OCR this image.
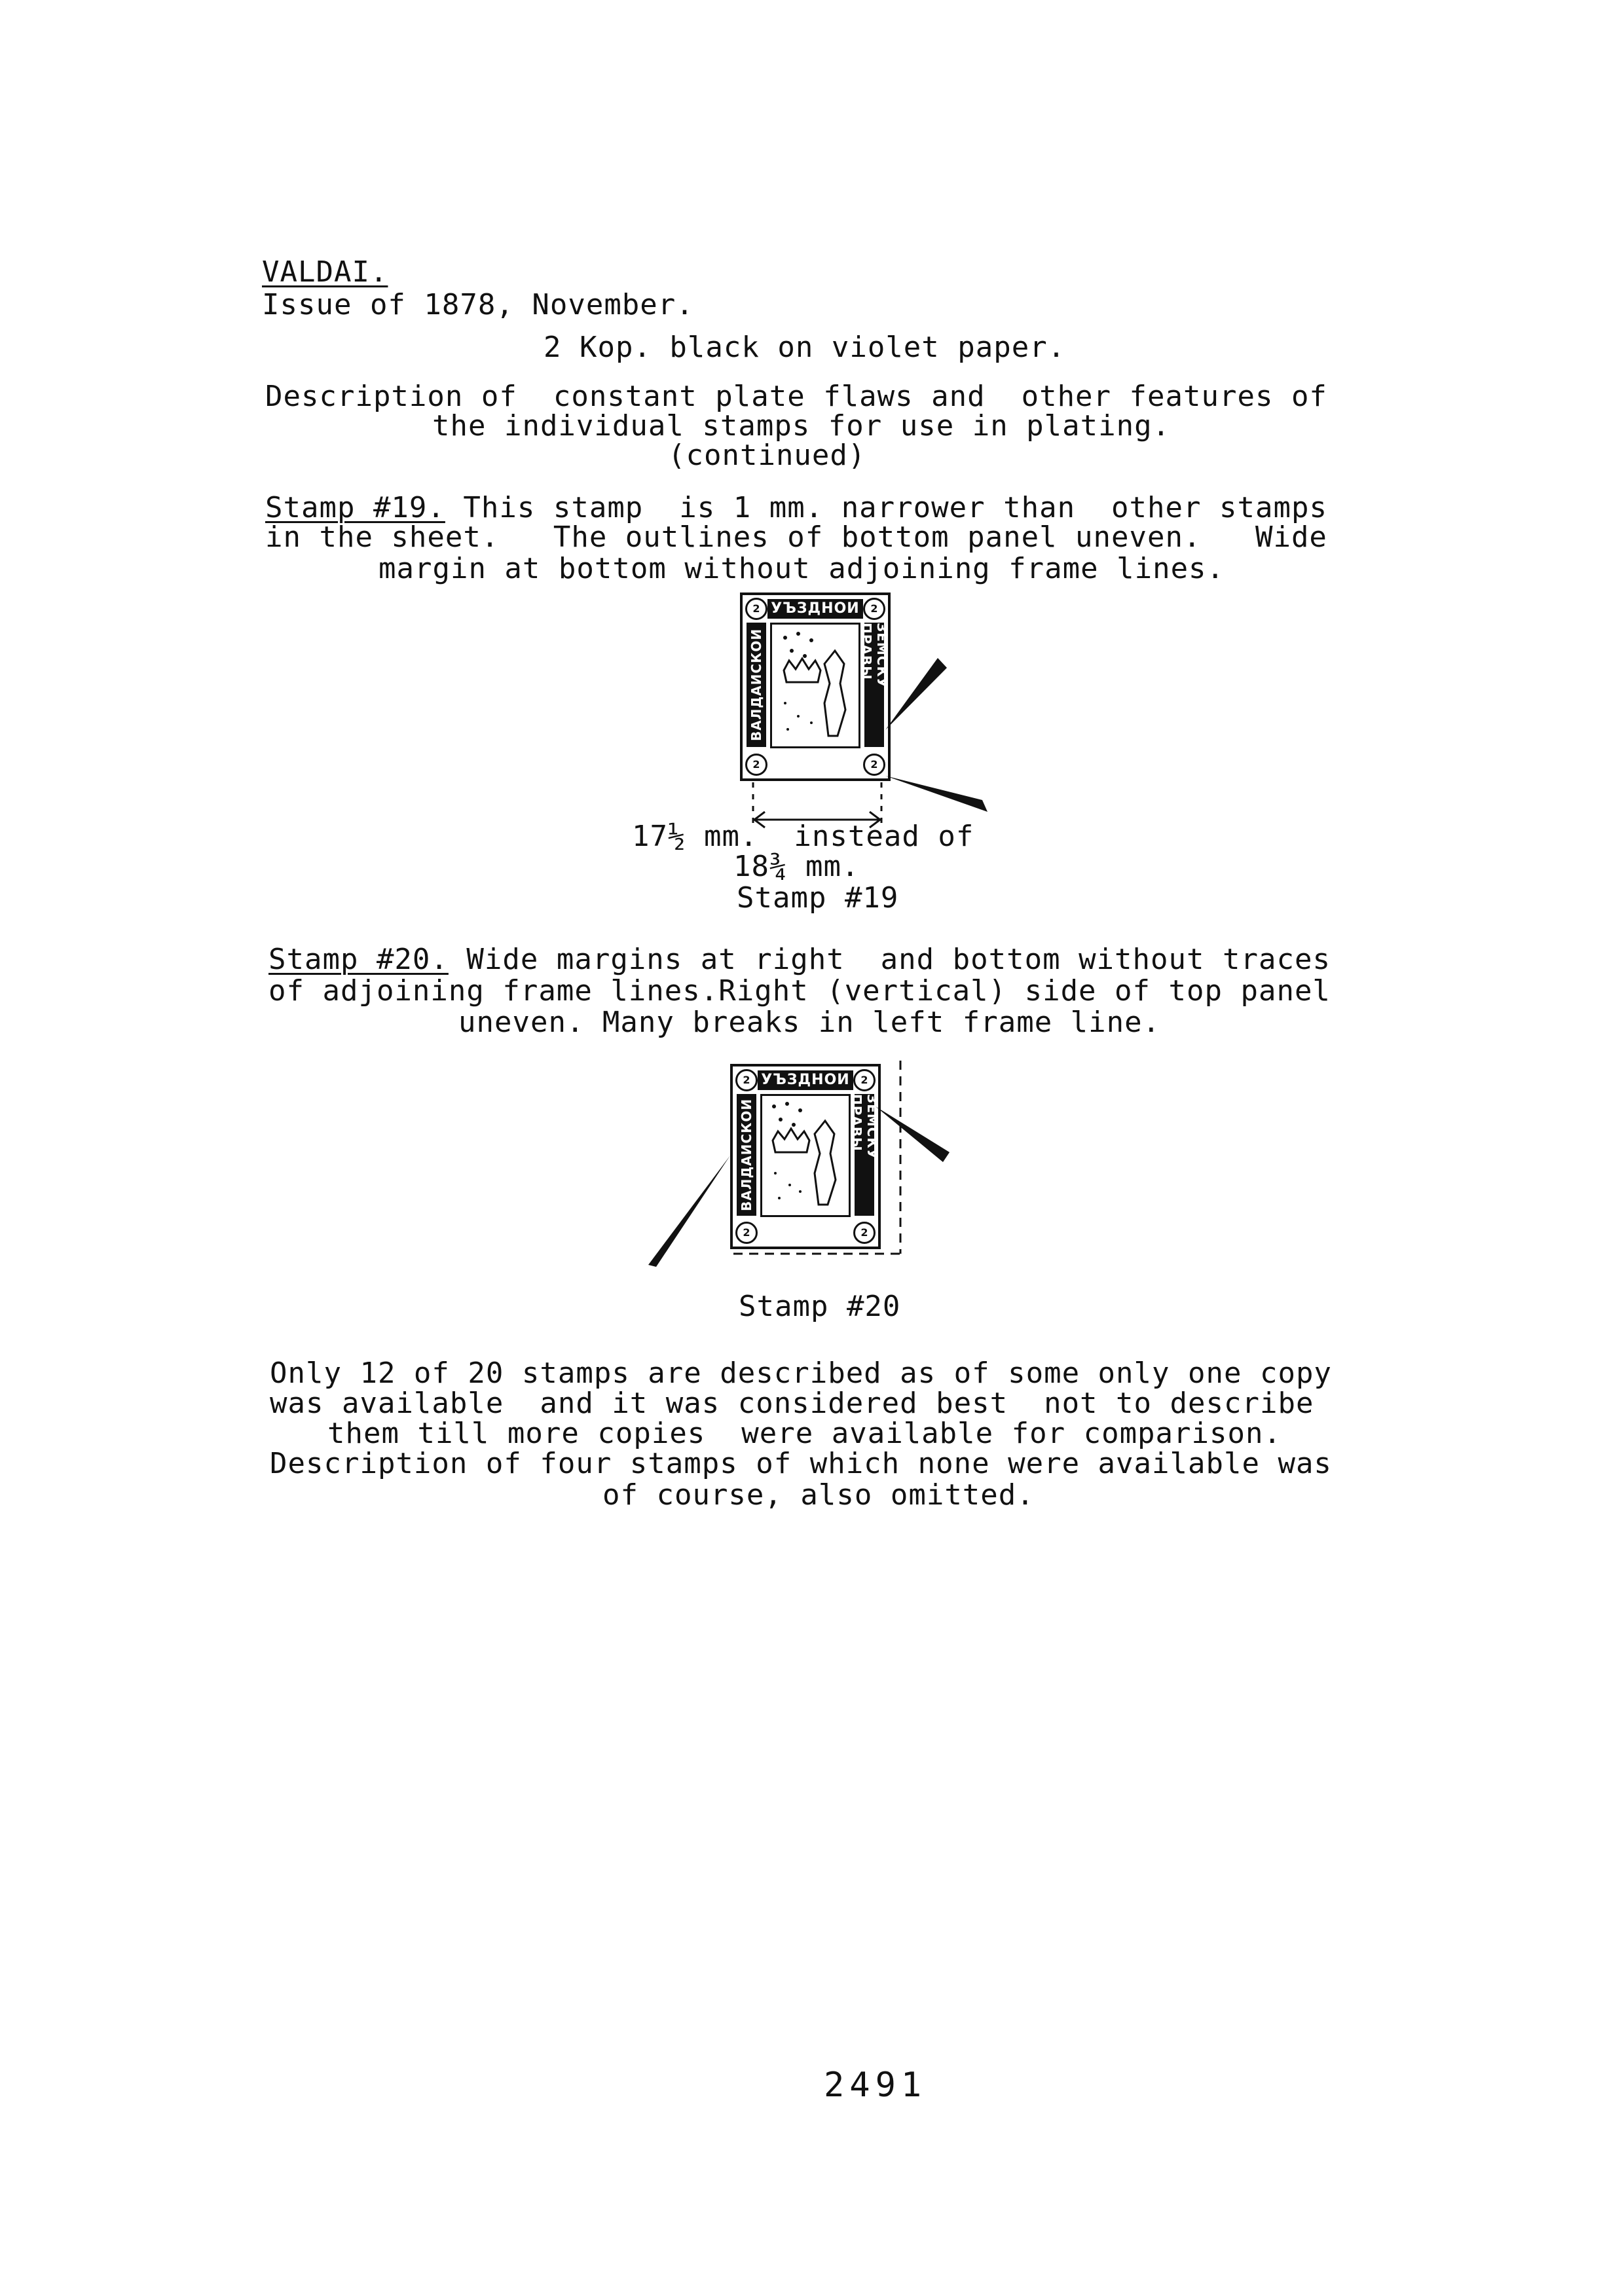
VALDAI.
Issue of 1878, November.
2 Kop. black on violet paper.
Description of  constant plate flaws and  other features of
the individual stamps for use in plating.
(continued)
Stamp #19. This stamp  is 1 mm. narrower than  other stamps
in the sheet.   The outlines of bottom panel uneven.   Wide
margin at bottom without adjoining frame lines.
УЪЗДНОИ
2	2
2	2
ВАЛДАИСКОИ	ЗЕМСКУ ПРАВЫ
УЪЗДНОИ
2	2
2	2
ВАЛДАИСКОИ	ЗЕМСКУ ПРАВЫ
17½ mm.  instead of
18¾ mm.
Stamp #19
Stamp #20. Wide margins at right  and bottom without traces
of adjoining frame lines.Right (vertical) side of top panel
uneven. Many breaks in left frame line.
Stamp #20
Only 12 of 20 stamps are described as of some only one copy
was available  and it was considered best  not to describe
them till more copies  were available for comparison.
Description of four stamps of which none were available was
of course, also omitted.
2491
